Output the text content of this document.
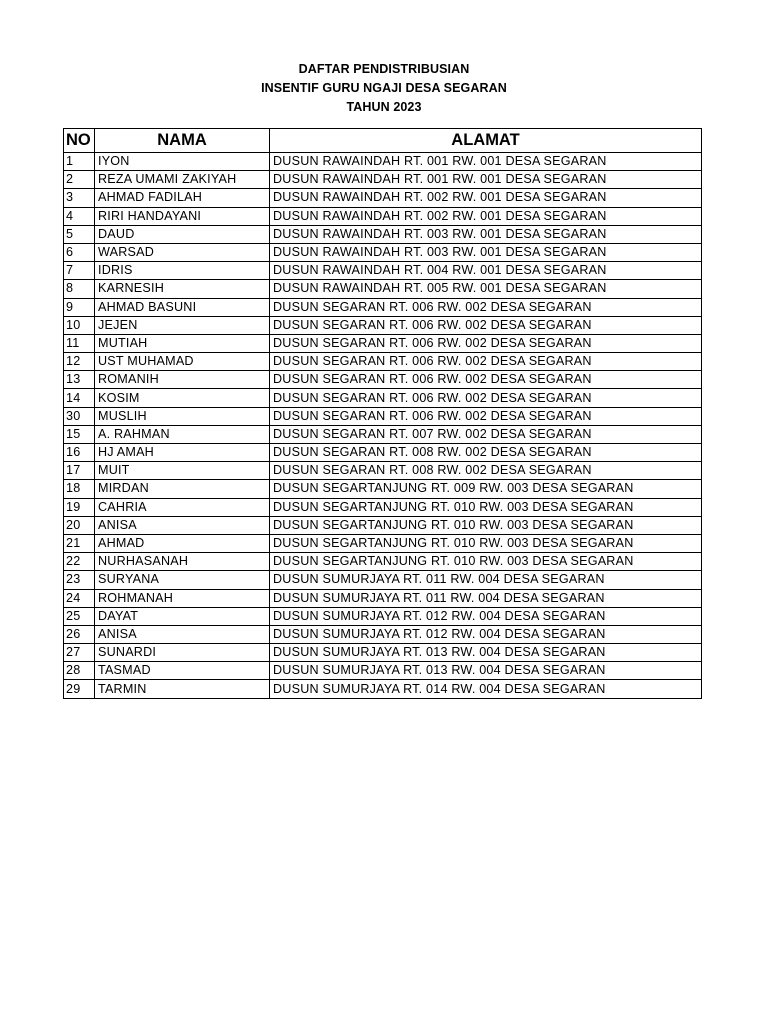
DAFTAR PENDISTRIBUSIAN
INSENTIF GURU NGAJI DESA SEGARAN
TAHUN 2023
NO	NAMA	ALAMAT
1	IYON	DUSUN RAWAINDAH RT. 001 RW. 001 DESA SEGARAN
2	REZA UMAMI ZAKIYAH	DUSUN RAWAINDAH RT. 001 RW. 001 DESA SEGARAN
3	AHMAD FADILAH	DUSUN RAWAINDAH RT. 002 RW. 001 DESA SEGARAN
4	RIRI HANDAYANI	DUSUN RAWAINDAH RT. 002 RW. 001 DESA SEGARAN
5	DAUD	DUSUN RAWAINDAH RT. 003 RW. 001 DESA SEGARAN
6	WARSAD	DUSUN RAWAINDAH RT. 003 RW. 001 DESA SEGARAN
7	IDRIS	DUSUN RAWAINDAH RT. 004 RW. 001 DESA SEGARAN
8	KARNESIH	DUSUN RAWAINDAH RT. 005 RW. 001 DESA SEGARAN
9	AHMAD BASUNI	DUSUN SEGARAN RT. 006 RW. 002 DESA SEGARAN
10	JEJEN	DUSUN SEGARAN RT. 006 RW. 002 DESA SEGARAN
11	MUTIAH	DUSUN SEGARAN RT. 006 RW. 002 DESA SEGARAN
12	UST MUHAMAD	DUSUN SEGARAN RT. 006 RW. 002 DESA SEGARAN
13	ROMANIH	DUSUN SEGARAN RT. 006 RW. 002 DESA SEGARAN
14	KOSIM	DUSUN SEGARAN RT. 006 RW. 002 DESA SEGARAN
30	MUSLIH	DUSUN SEGARAN RT. 006 RW. 002 DESA SEGARAN
15	A. RAHMAN	DUSUN SEGARAN RT. 007 RW. 002 DESA SEGARAN
16	HJ AMAH	DUSUN SEGARAN RT. 008 RW. 002 DESA SEGARAN
17	MUIT	DUSUN SEGARAN RT. 008 RW. 002 DESA SEGARAN
18	MIRDAN	DUSUN SEGARTANJUNG RT. 009 RW. 003 DESA SEGARAN
19	CAHRIA	DUSUN SEGARTANJUNG RT. 010 RW. 003 DESA SEGARAN
20	ANISA	DUSUN SEGARTANJUNG RT. 010 RW. 003 DESA SEGARAN
21	AHMAD	DUSUN SEGARTANJUNG RT. 010 RW. 003 DESA SEGARAN
22	NURHASANAH	DUSUN SEGARTANJUNG RT. 010 RW. 003 DESA SEGARAN
23	SURYANA	DUSUN SUMURJAYA RT. 011 RW. 004 DESA SEGARAN
24	ROHMANAH	DUSUN SUMURJAYA RT. 011 RW. 004 DESA SEGARAN
25	DAYAT	DUSUN SUMURJAYA RT. 012 RW. 004 DESA SEGARAN
26	ANISA	DUSUN SUMURJAYA RT. 012 RW. 004 DESA SEGARAN
27	SUNARDI	DUSUN SUMURJAYA RT. 013 RW. 004 DESA SEGARAN
28	TASMAD	DUSUN SUMURJAYA RT. 013 RW. 004 DESA SEGARAN
29	TARMIN	DUSUN SUMURJAYA RT. 014 RW. 004 DESA SEGARAN
